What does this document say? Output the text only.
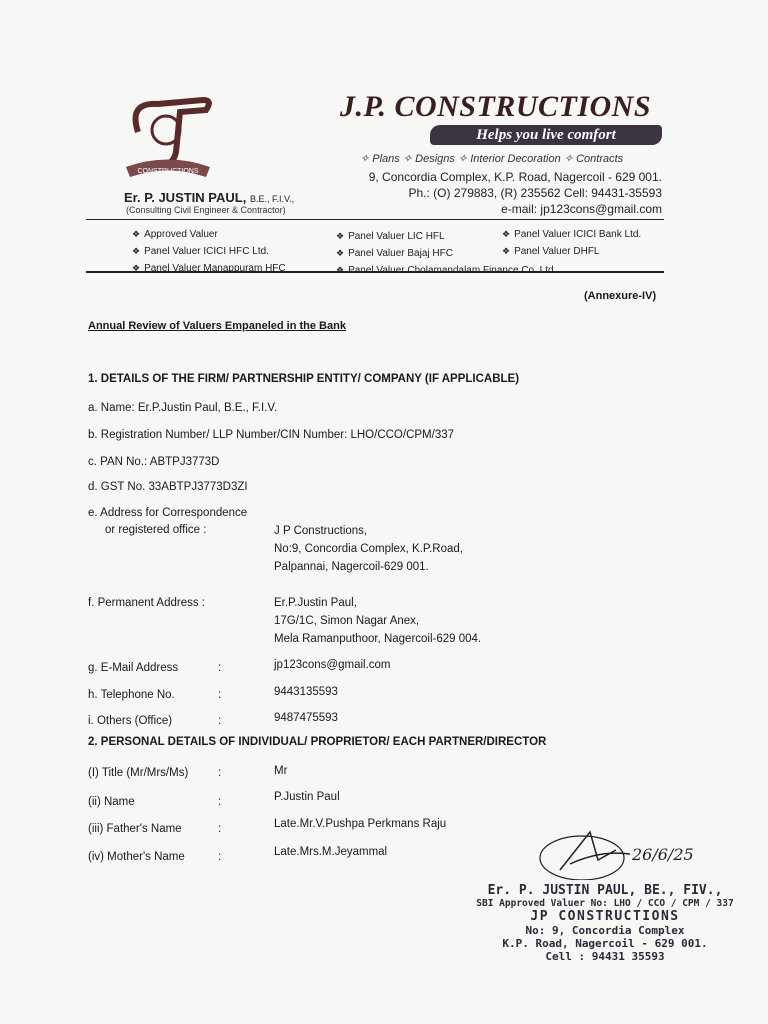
CONSTRUCTIONS
J.P. CONSTRUCTIONS
Helps you live comfort
✧ Plans ✧ Designs ✧ Interior Decoration ✧ Contracts
9, Concordia Complex, K.P. Road, Nagercoil - 629 001.
Ph.: (O) 279883, (R) 235562 Cell: 94431-35593
e-mail: jp123cons@gmail.com
Er. P. JUSTIN PAUL, B.E., F.I.V.,
(Consulting Civil Engineer & Contractor)
❖ Approved Valuer
❖ Panel Valuer ICICI HFC Ltd.
❖ Panel Valuer Manappuram HFC
❖ Panel Valuer LIC HFL
❖ Panel Valuer Bajaj HFC
❖ Panel Valuer Cholamandalam Finance Co. Ltd.
❖ Panel Valuer ICICI Bank Ltd.
❖ Panel Valuer DHFL
(Annexure-IV)
Annual Review of Valuers Empaneled in the Bank
1. DETAILS OF THE FIRM/ PARTNERSHIP ENTITY/ COMPANY (IF APPLICABLE)
a. Name: Er.P.Justin Paul, B.E., F.I.V.
b. Registration Number/ LLP Number/CIN Number: LHO/CCO/CPM/337
c. PAN No.: ABTPJ3773D
d. GST No. 33ABTPJ3773D3ZI
e. Address for Correspondence
or registered office :	J P Constructions,
No:9, Concordia Complex, K.P.Road,
Palpannai, Nagercoil-629 001.
f. Permanent Address :	Er.P.Justin Paul,
17G/1C, Simon Nagar Anex,
Mela Ramanputhoor, Nagercoil-629 004.
g. E-Mail Address	:	jp123cons@gmail.com
h. Telephone No.	:	9443135593
i. Others (Office)	:	9487475593
2. PERSONAL DETAILS OF INDIVIDUAL/ PROPRIETOR/ EACH PARTNER/DIRECTOR
(I) Title (Mr/Mrs/Ms)	:	Mr
(ii) Name	:	P.Justin Paul
(iii) Father's Name	:	Late.Mr.V.Pushpa Perkmans Raju
(iv) Mother's Name	:	Late.Mrs.M.Jeyammal	26/6/25
Er. P. JUSTIN PAUL, BE., FIV.,
SBI Approved Valuer No: LHO / CCO / CPM / 337
JP CONSTRUCTIONS
No: 9, Concordia Complex
K.P. Road, Nagercoil - 629 001.
Cell : 94431 35593
